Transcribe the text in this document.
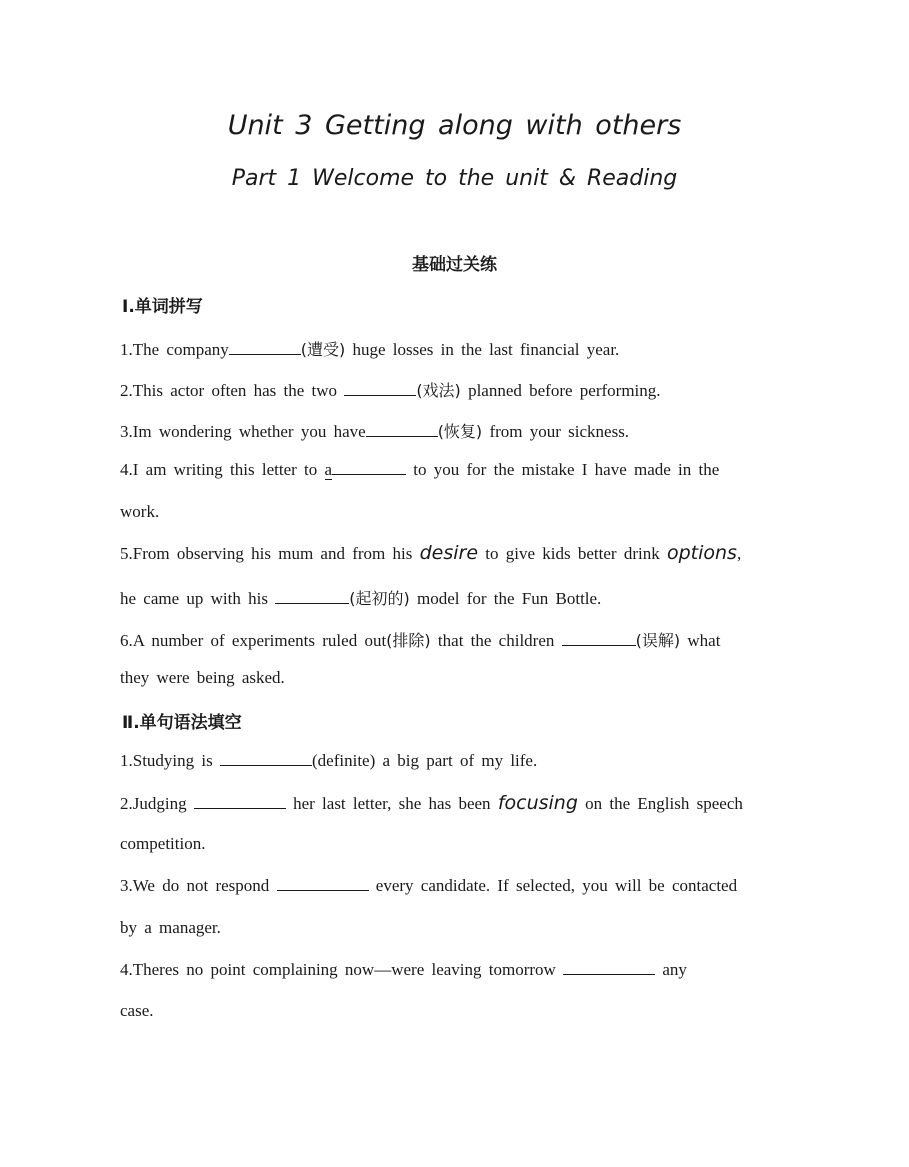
Unit 3 Getting along with others
Part 1 Welcome to the unit & Reading
基础过关练
Ⅰ.单词拼写
1.The company	(遭受) huge losses in the last financial year.
2.This actor often has the two	(戏法) planned before performing.
3.Im wondering whether you have	(恢复) from your sickness.
4.I am writing this letter to a	to you for the mistake I have made in the
work.
5.From observing his mum and from his desire to give kids better drink options,
he came up with his	(起初的) model for the Fun Bottle.
6.A number of experiments ruled out(排除) that the children	(误解) what
they were being asked.
Ⅱ.单句语法填空
1.Studying is	(definite) a big part of my life.
2.Judging	her last letter, she has been focusing on the English speech
competition.
3.We do not respond	every candidate. If selected, you will be contacted
by a manager.
4.Theres no point complaining now—were leaving tomorrow	any
case.
